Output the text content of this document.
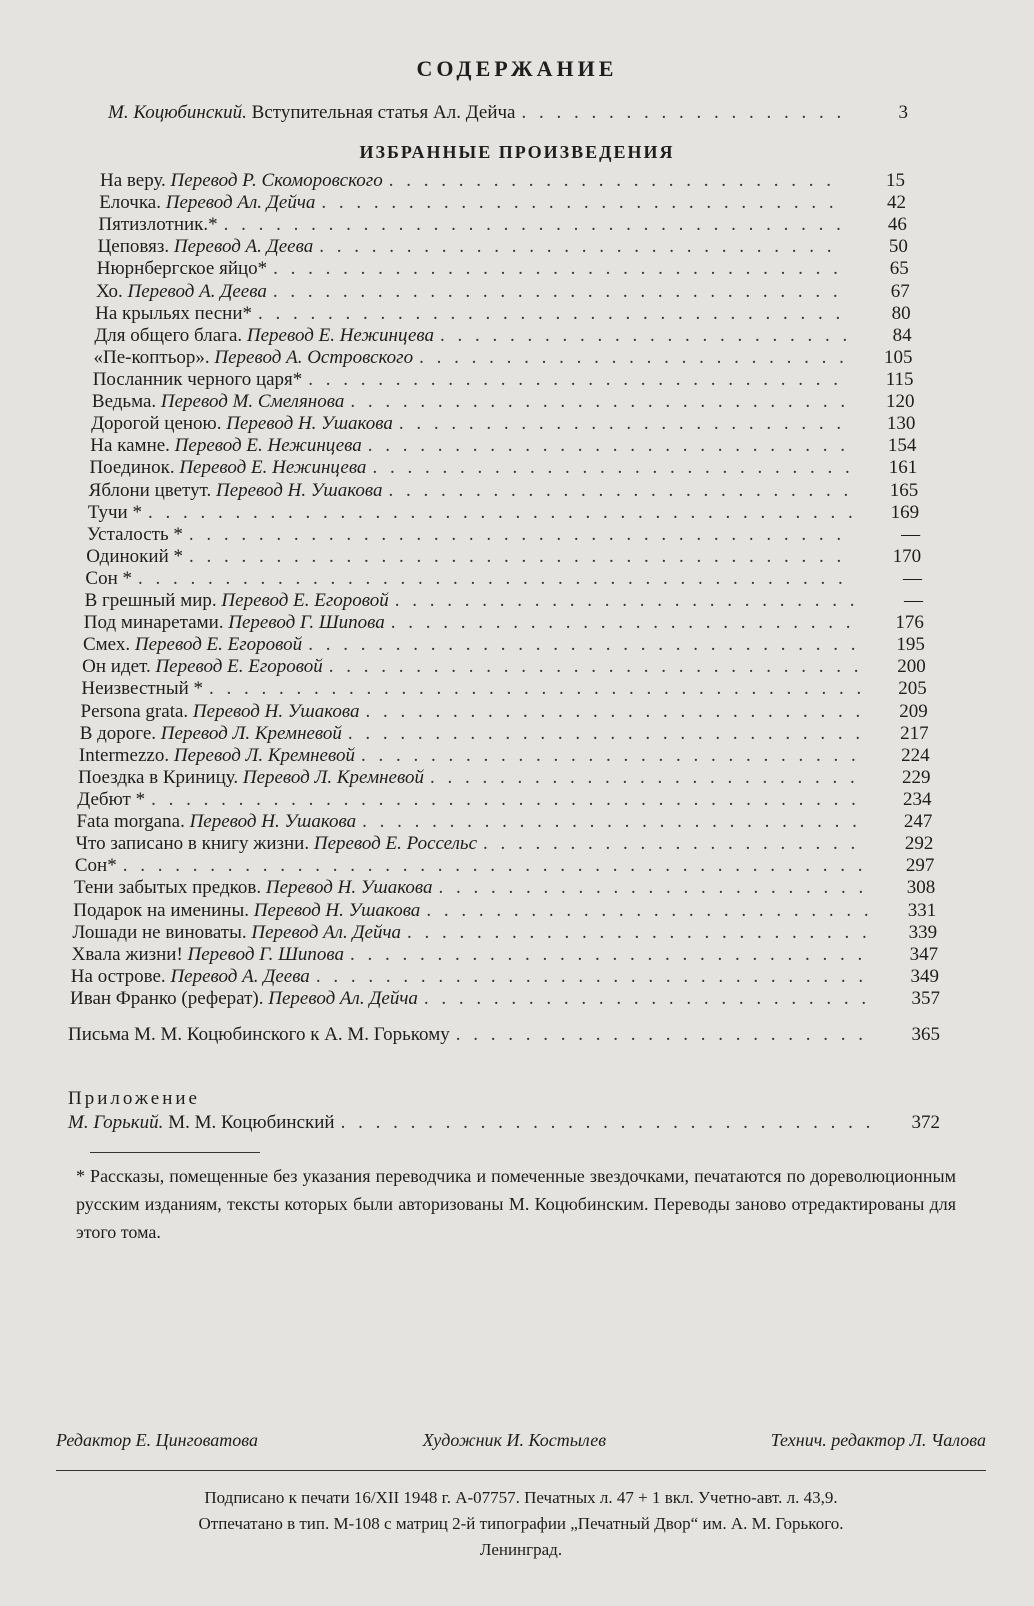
СОДЕРЖАНИЕ
М. Коцюбинский.
Вступительная статья Ал. Дейча . . .	3
ИЗБРАННЫЕ ПРОИЗВЕДЕНИЯ
На веру.
Перевод Р. Скоморовского . . .	15
Елочка.
Перевод Ал. Дейча . . .	42
Пятизлотник.* . . .	46
Цеповяз.
Перевод А. Деева . . .	50
Нюрнбергское яйцо* . . .	65
Хо.
Перевод А. Деева . . .	67
На крыльях песни* . . .	80
Для общего блага.
Перевод Е. Нежинцева . . .	84
«Пе-коптьор».
Перевод А. Островского . . .	105
Посланник черного царя* . . .	115
Ведьма.
Перевод М. Смелянова . . .	120
Дорогой ценою.
Перевод Н. Ушакова . . .	130
На камне.
Перевод Е. Нежинцева . . .	154
Поединок.
Перевод Е. Нежинцева . . .	161
Яблони цветут.
Перевод Н. Ушакова . . .	165
Тучи * . . .	169
Усталость * . . .	—
Одинокий * . . .	170
Сон * . . .	—
В грешный мир.
Перевод Е. Егоровой . . .	—
Под минаретами.
Перевод Г. Шипова . . .	176
Смех.
Перевод Е. Егоровой . . .	195
Он идет.
Перевод Е. Егоровой . . .	200
Неизвестный * . . .	205
Persona grata.
Перевод Н. Ушакова . . .	209
В дороге.
Перевод Л. Кремневой . . .	217
Intermezzo.
Перевод Л. Кремневой . . .	224
Поездка в Криницу.
Перевод Л. Кремневой . . .	229
Дебют * . . .	234
Fata morgana.
Перевод Н. Ушакова . . .	247
Что записано в книгу жизни.
Перевод Е. Россельс . . .	292
Сон* . . .	297
Тени забытых предков.
Перевод Н. Ушакова . . .	308
Подарок на именины.
Перевод Н. Ушакова . . .	331
Лошади не виноваты.
Перевод Ал. Дейча . . .	339
Хвала жизни!
Перевод Г. Шипова . . .	347
На острове.
Перевод А. Деева . . .	349
Иван Франко (реферат).
Перевод Ал. Дейча . . .	357
Письма М. М. Коцюбинского к А. М. Горькому . . .	365
Приложение
М. Горький.
М. М. Коцюбинский . . .	372
* Рассказы, помещенные без указания переводчика и помеченные звездочками, печатаются по дореволюционным русским изданиям, тексты которых были авторизованы М. Коцюбинским. Переводы заново отредактированы для этого тома.
Редактор Е. Цинговатова	Художник И. Костылев	Технич. редактор Л. Чалова
Подписано к печати 16/XII 1948 г. А-07757. Печатных л. 47 + 1 вкл. Учетно-авт. л. 43,9.
Отпечатано в тип. М-108 с матриц 2-й типографии „Печатный Двор“ им. А. М. Горького.
Ленинград.
